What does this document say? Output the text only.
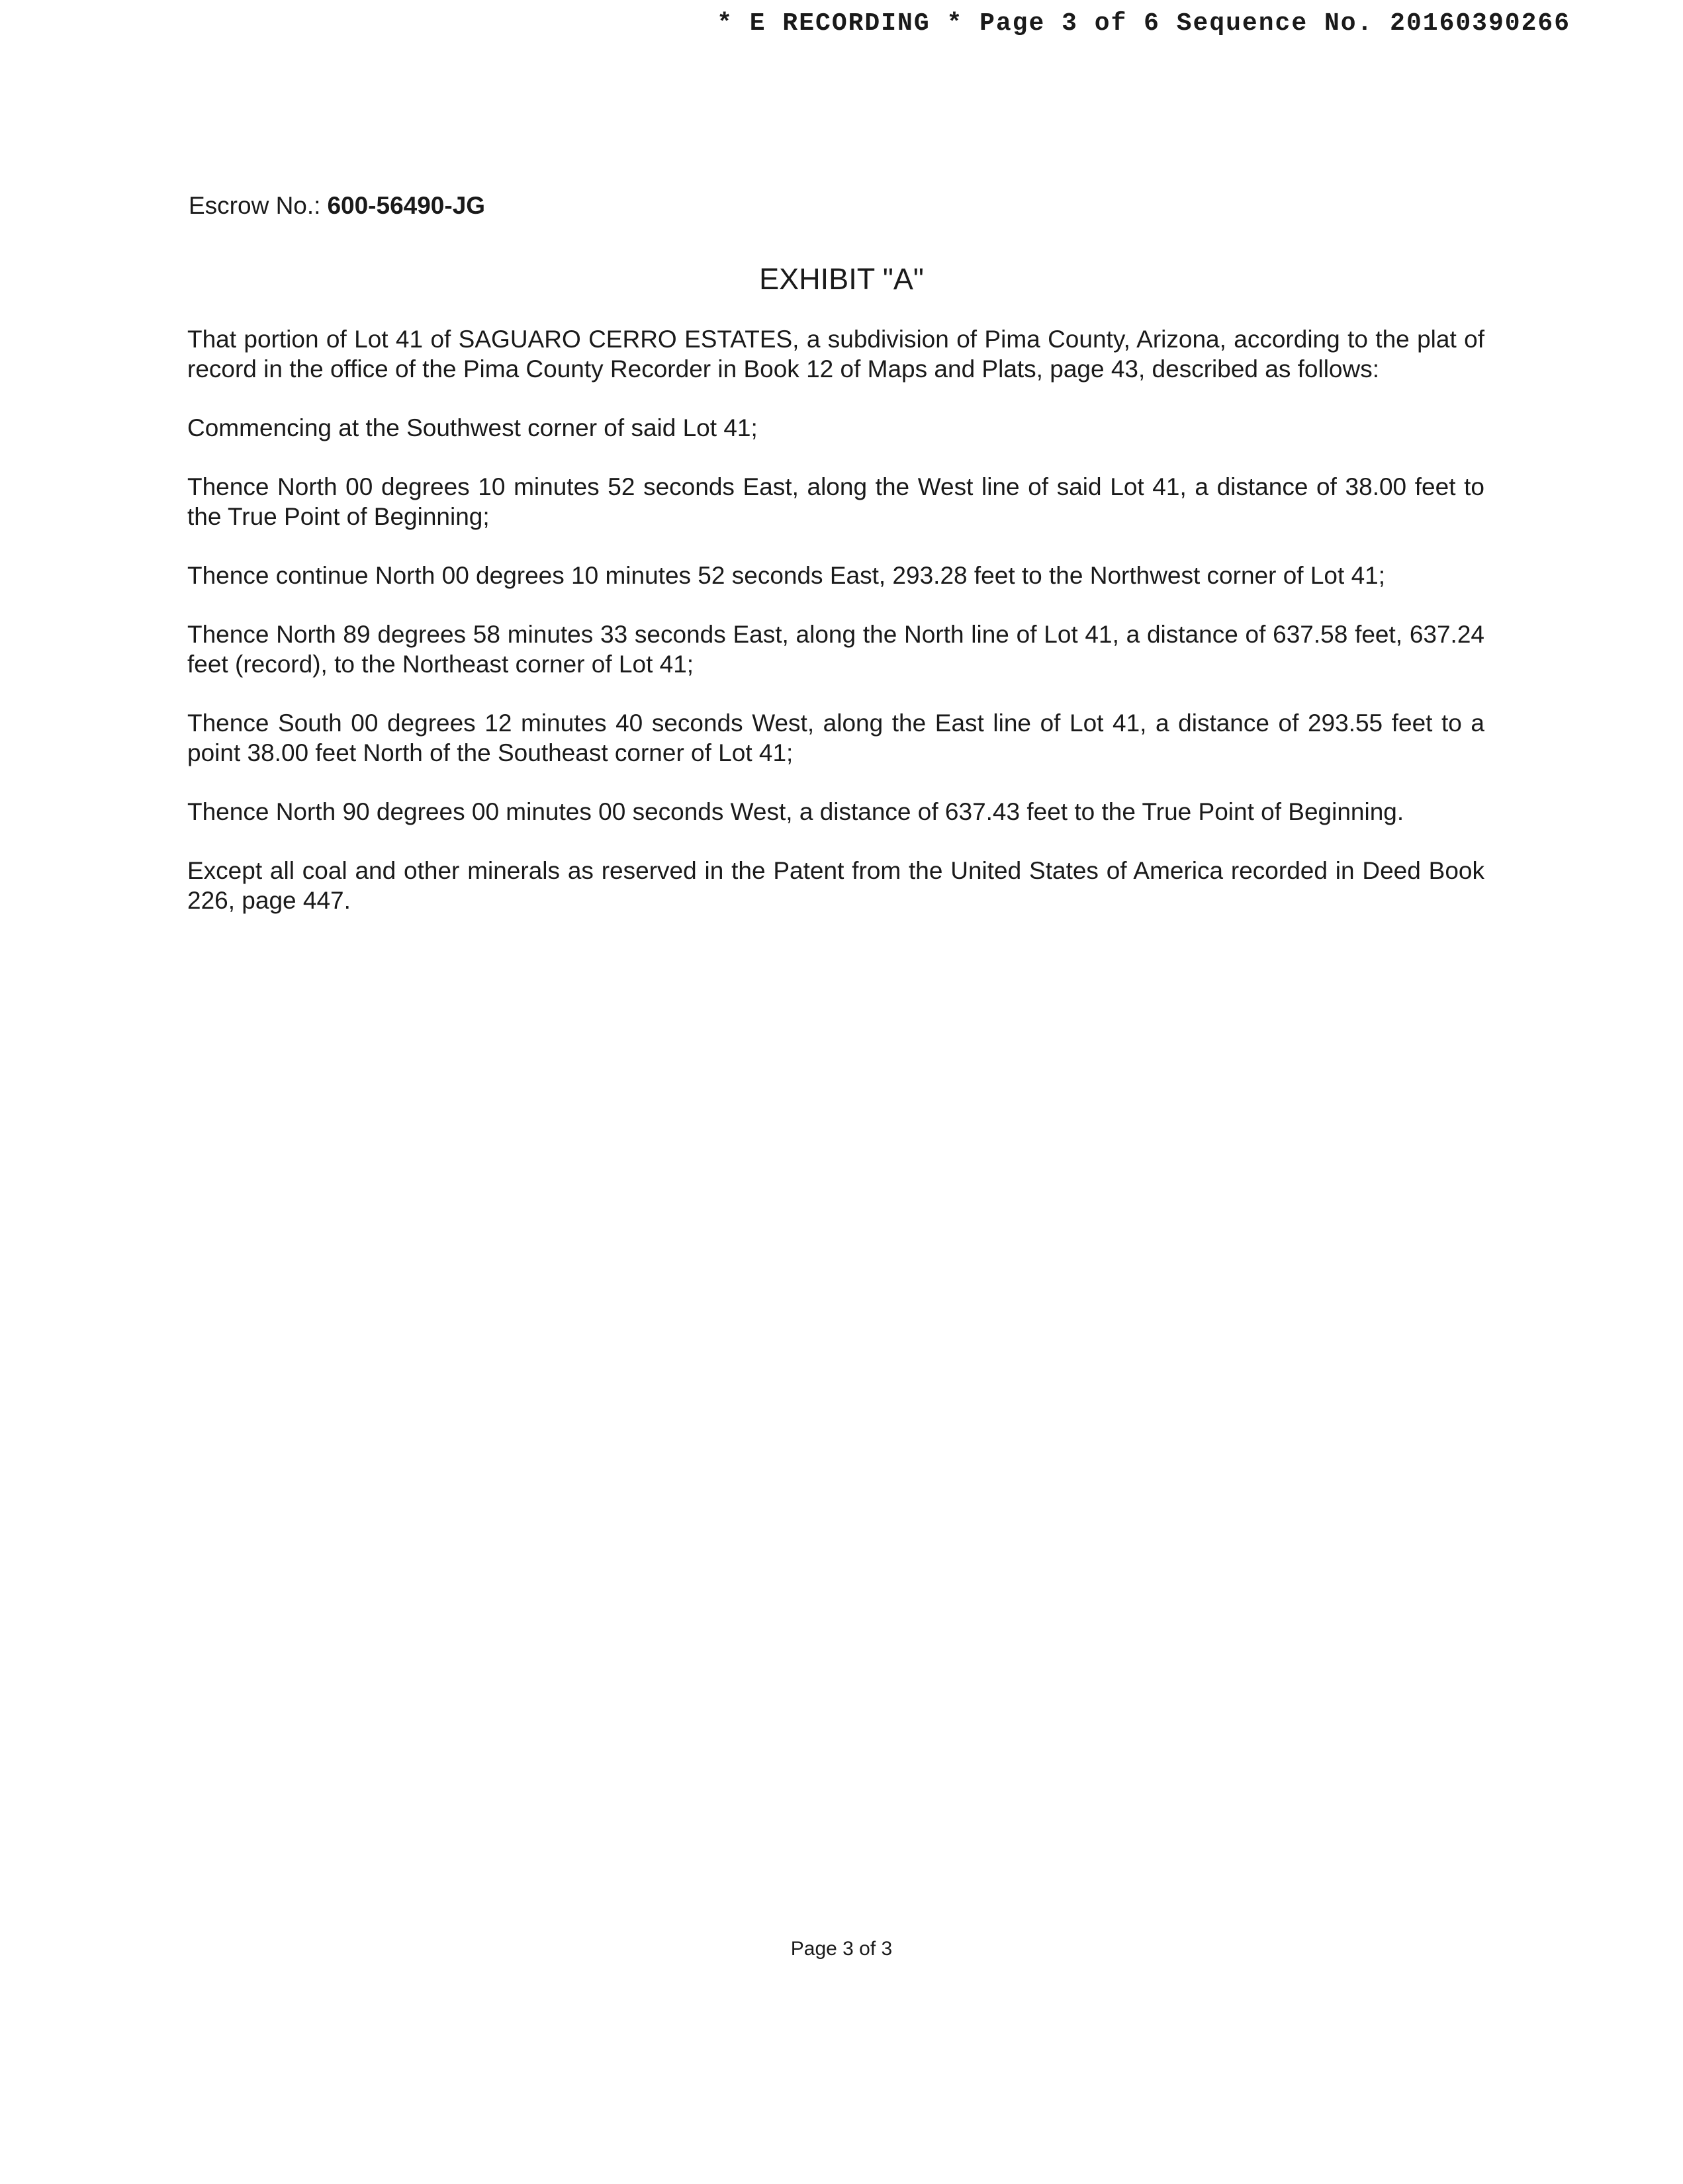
* E RECORDING * Page 3 of 6 Sequence No. 20160390266
Escrow No.: 600-56490-JG
EXHIBIT "A"

That portion of Lot 41 of SAGUARO CERRO ESTATES, a subdivision of Pima County, Arizona, according to the plat of record in the office of the Pima County Recorder in Book 12 of Maps and Plats, page 43, described as follows:

Commencing at the Southwest corner of said Lot 41;

Thence North 00 degrees 10 minutes 52 seconds East, along the West line of said Lot 41, a distance of 38.00 feet to the True Point of Beginning;

Thence continue North 00 degrees 10 minutes 52 seconds East, 293.28 feet to the Northwest corner of Lot 41;

Thence North 89 degrees 58 minutes 33 seconds East, along the North line of Lot 41, a distance of 637.58 feet, 637.24 feet (record), to the Northeast corner of Lot 41;

Thence South 00 degrees 12 minutes 40 seconds West, along the East line of Lot 41, a distance of 293.55 feet to a point 38.00 feet North of the Southeast corner of Lot 41;

Thence North 90 degrees 00 minutes 00 seconds West, a distance of 637.43 feet to the True Point of Beginning.

Except all coal and other minerals as reserved in the Patent from the United States of America recorded in Deed Book 226, page 447.

Page 3 of 3
